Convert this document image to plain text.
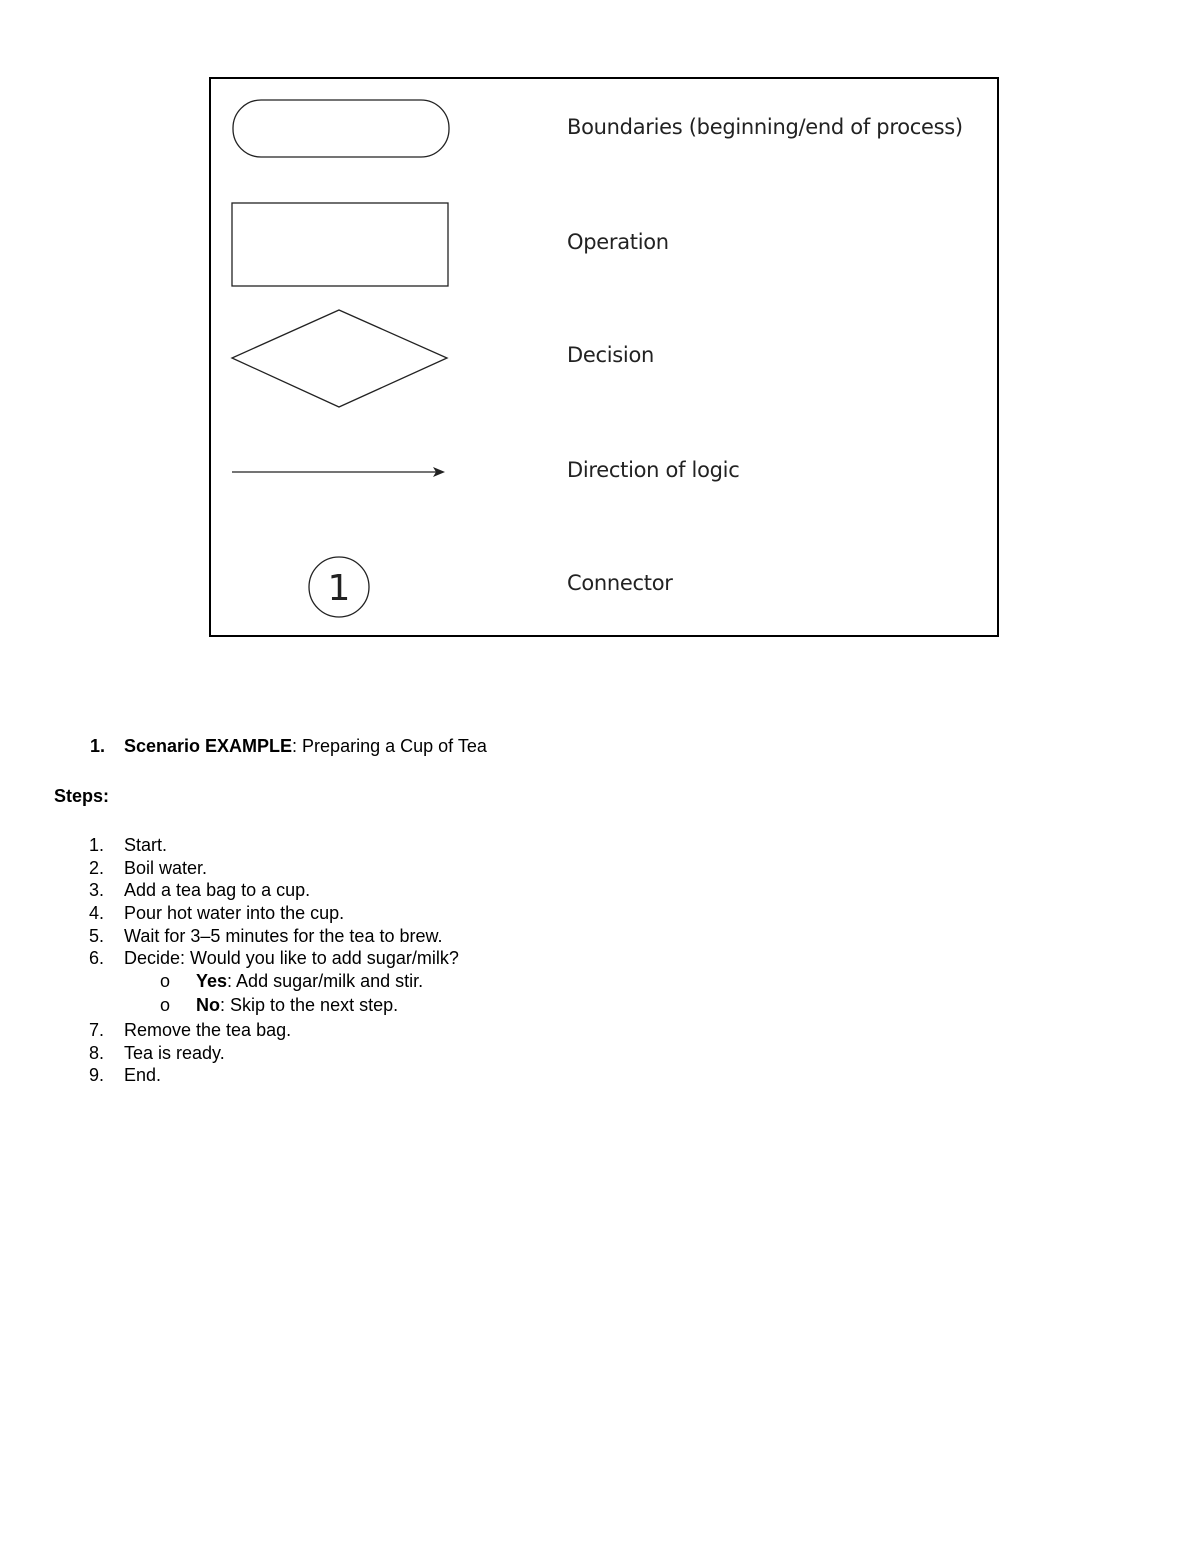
1
Boundaries (beginning/end of process)
Operation
Decision
Direction of logic
Connector
1. Scenario EXAMPLE: Preparing a Cup of Tea
Steps:
1. Start.
2. Boil water.
3. Add a tea bag to a cup.
4. Pour hot water into the cup.
5. Wait for 3–5 minutes for the tea to brew.
6. Decide: Would you like to add sugar/milk?
o Yes: Add sugar/milk and stir.
o No: Skip to the next step.
7. Remove the tea bag.
8. Tea is ready.
9. End.
